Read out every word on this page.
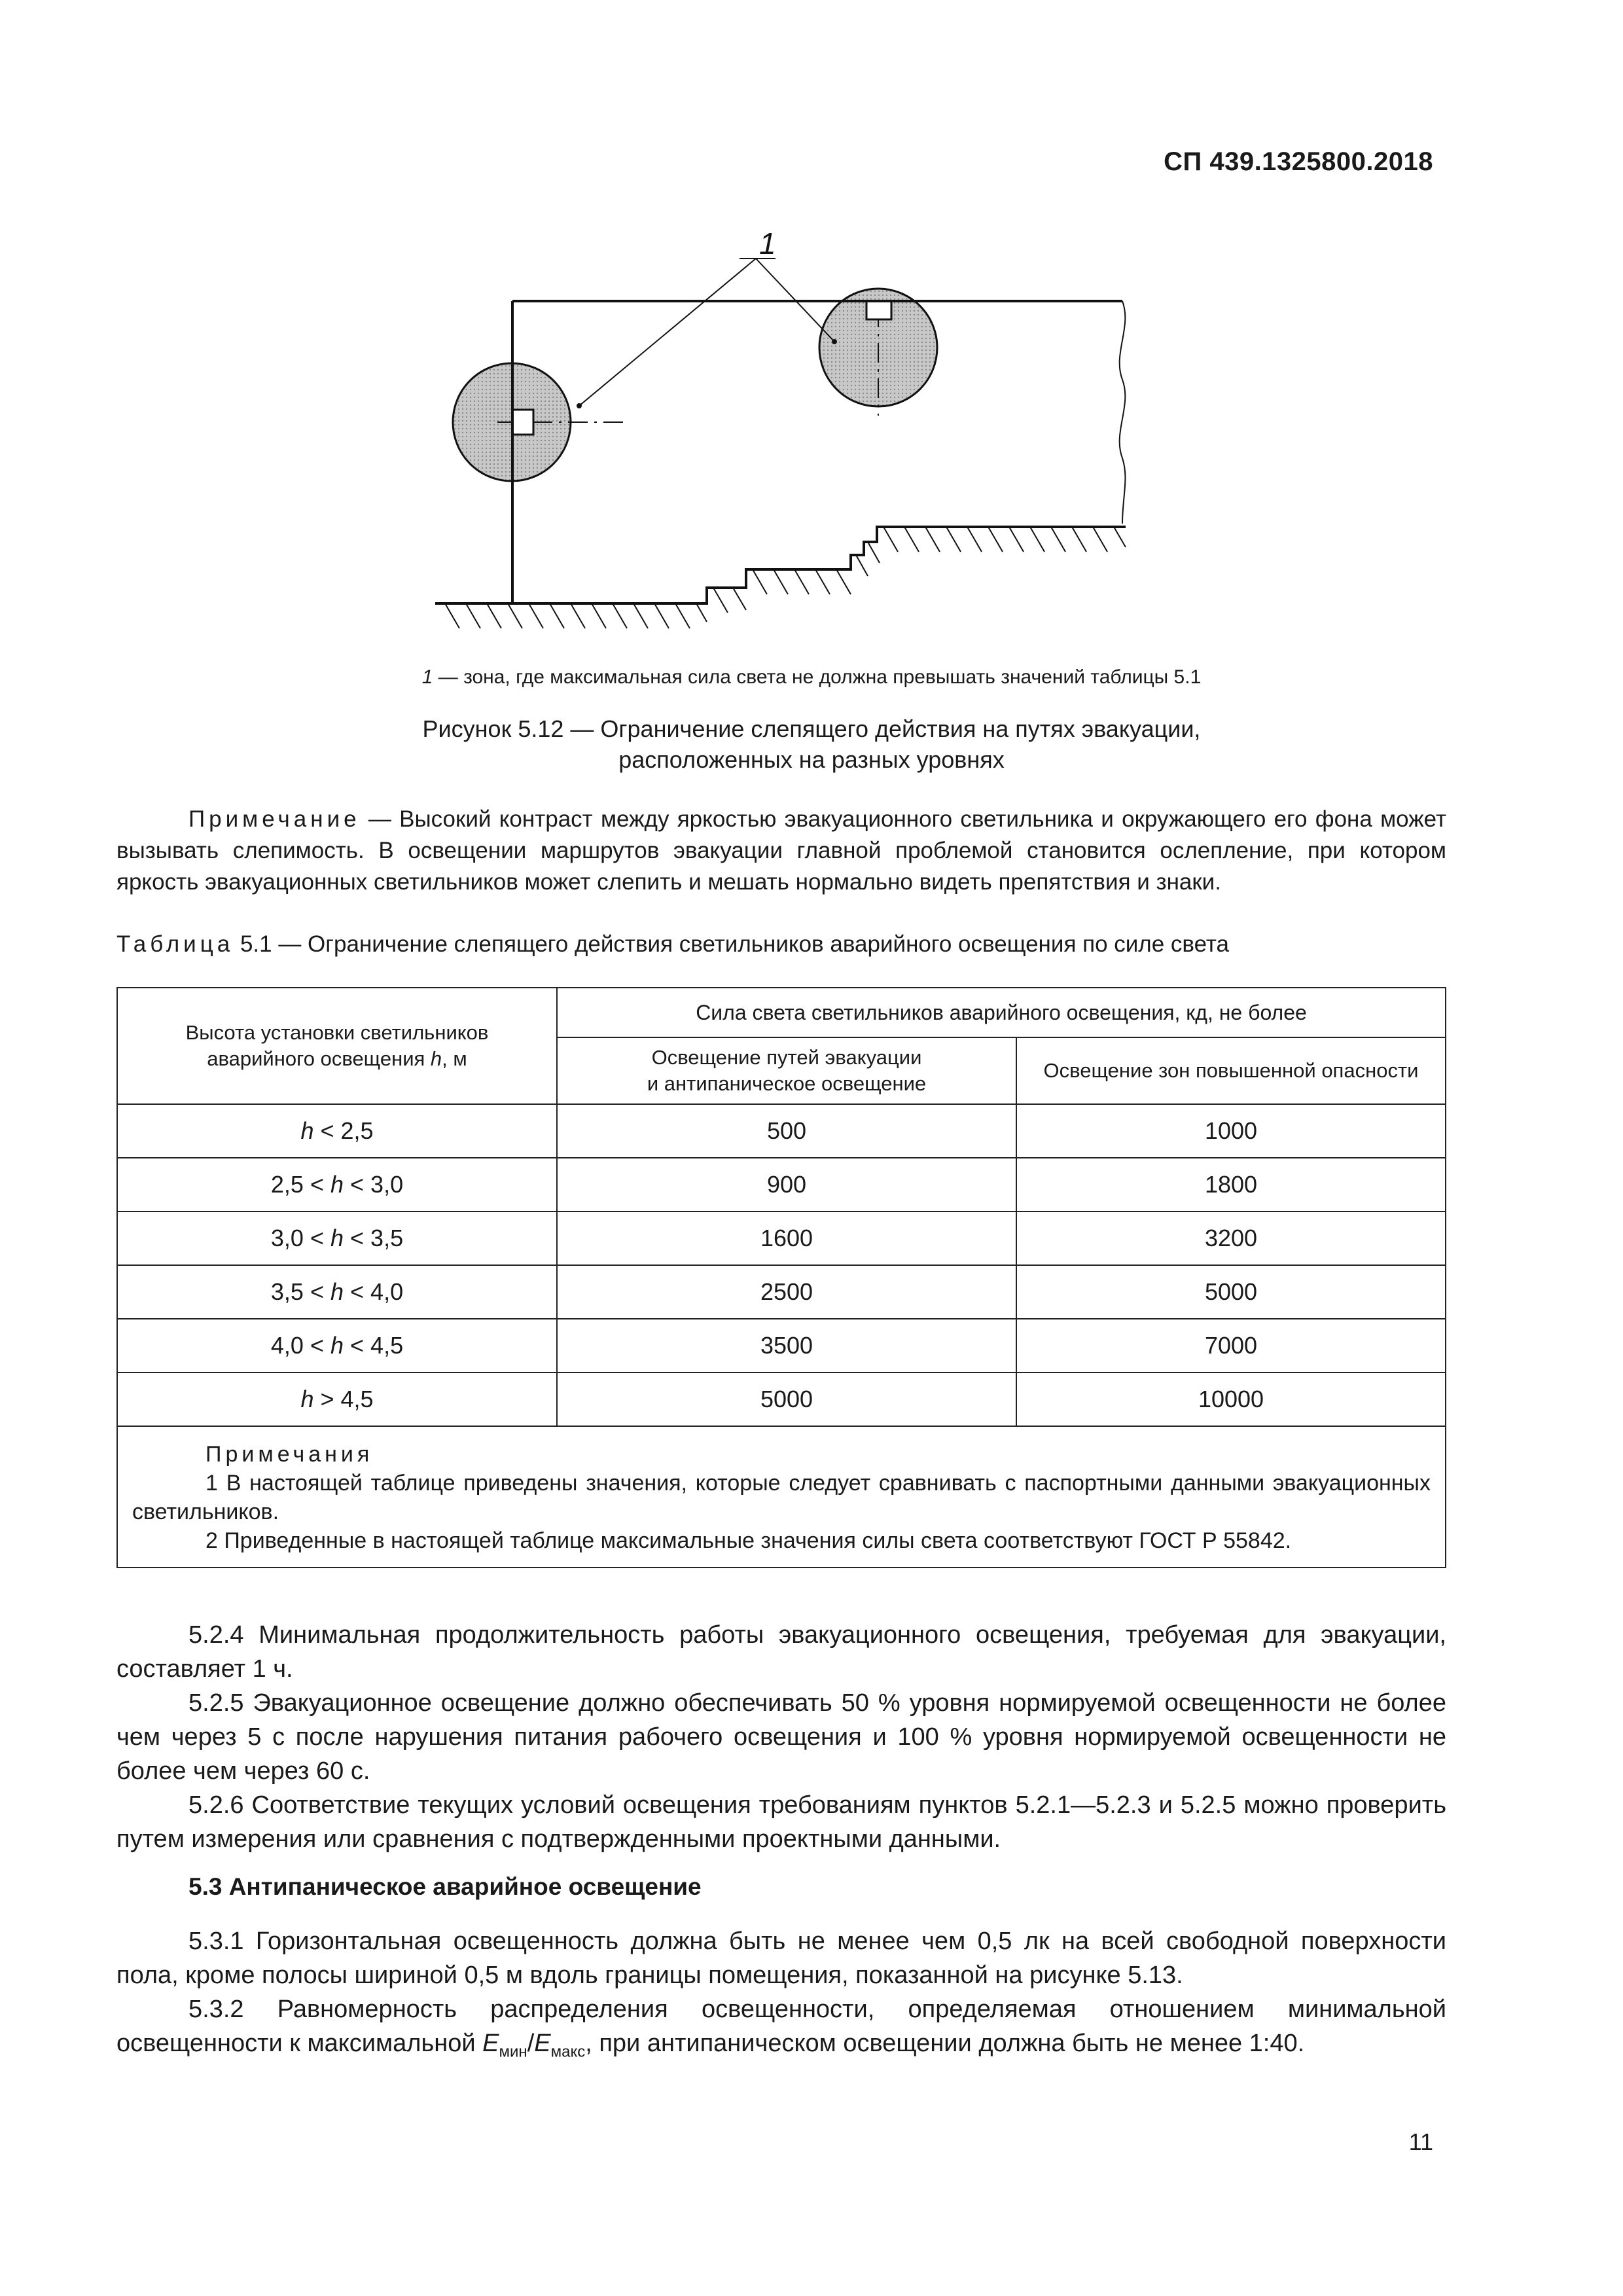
СП 439.1325800.2018
1
1 — зона, где максимальная сила света не должна превышать значений таблицы 5.1
Рисунок 5.12 — Ограничение слепящего действия на путях эвакуации,
расположенных на разных уровнях
Примечание — Высокий контраст между яркостью эвакуационного светильника и окружающего его фона может вызывать слепимость. В освещении маршрутов эвакуации главной проблемой становится ослепление, при котором яркость эвакуационных светильников может слепить и мешать нормально видеть препятствия и знаки.
Таблица 5.1 — Ограничение слепящего действия светильников аварийного освещения по силе света
Высота установки светильников
аварийного освещения h, м	Сила света светильников аварийного освещения, кд, не более	

	Освещение путей эвакуации
и антипаническое освещение	Освещение зон повышенной опасности
h < 2,5	500	1000
2,5 < h < 3,0	900	1800
3,0 < h < 3,5	1600	3200
3,5 < h < 4,0	2500	5000
4,0 < h < 4,5	3500	7000
h > 4,5	5000	10000

Примечания
1 В настоящей таблице приведены значения, которые следует сравнивать с паспортными данными эвакуационных светильников.
2 Приведенные в настоящей таблице максимальные значения силы света соответствуют ГОСТ Р 55842.		
5.2.4 Минимальная продолжительность работы эвакуационного освещения, требуемая для эвакуации, составляет 1 ч.
5.2.5 Эвакуационное освещение должно обеспечивать 50 % уровня нормируемой освещенности не более чем через 5 с после нарушения питания рабочего освещения и 100 % уровня нормируемой освещенности не более чем через 60 с.
5.2.6 Соответствие текущих условий освещения требованиям пунктов 5.2.1—5.2.3 и 5.2.5 можно проверить путем измерения или сравнения с подтвержденными проектными данными.
5.3 Антипаническое аварийное освещение
5.3.1 Горизонтальная освещенность должна быть не менее чем 0,5 лк на всей свободной поверхности пола, кроме полосы шириной 0,5 м вдоль границы помещения, показанной на рисунке 5.13.
5.3.2 Равномерность распределения освещенности, определяемая отношением минимальной освещенности к максимальной $E_{мин}/E_{макс}$, при антипаническом освещении должна быть не менее 1:40.
11
